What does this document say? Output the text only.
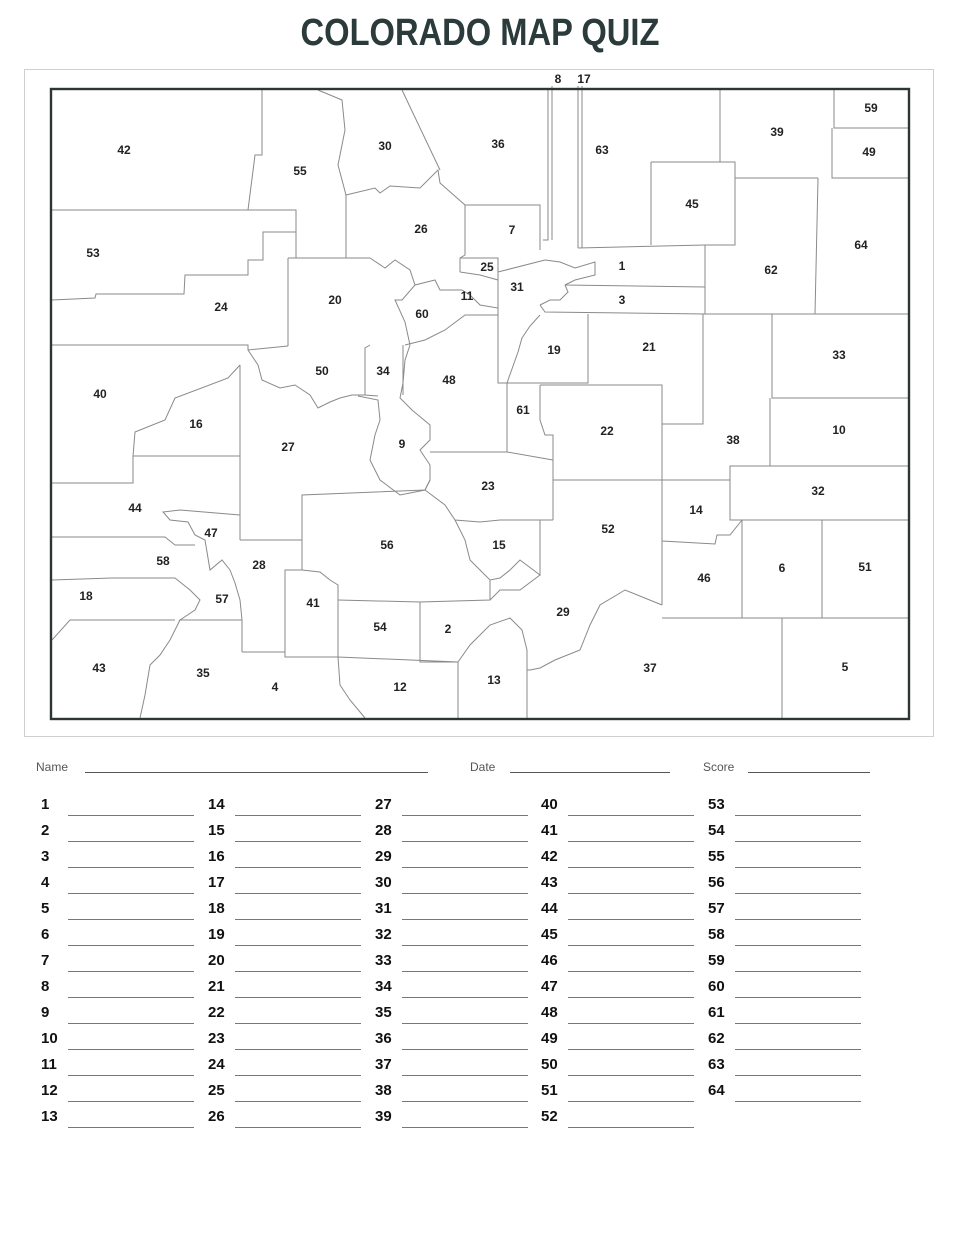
COLORADO MAP QUIZ
1
2
3
4
5
6
7
8
9
10
11
12	13
14
15
16
17
18
19
20
21
22
23
24
25
26
27
28
29
30
31
32
33
34
35
36
37
38
39
40
41
42
43
44
45
46
47
48
49
50
51
52
53
54
55
56
57
58
59
60
61
62
63
64
Name	Date	Score
1
2
3
4
5
6
7
8
9
10
11
12
13
14
15
16
17
18
19
20
21
22
23
24
25
26
27
28
29
30
31
32
33
34
35
36
37
38
39
40
41
42
43
44
45
46
47
48
49
50
51
52
53
54
55
56
57
58
59
60
61
62
63
64
